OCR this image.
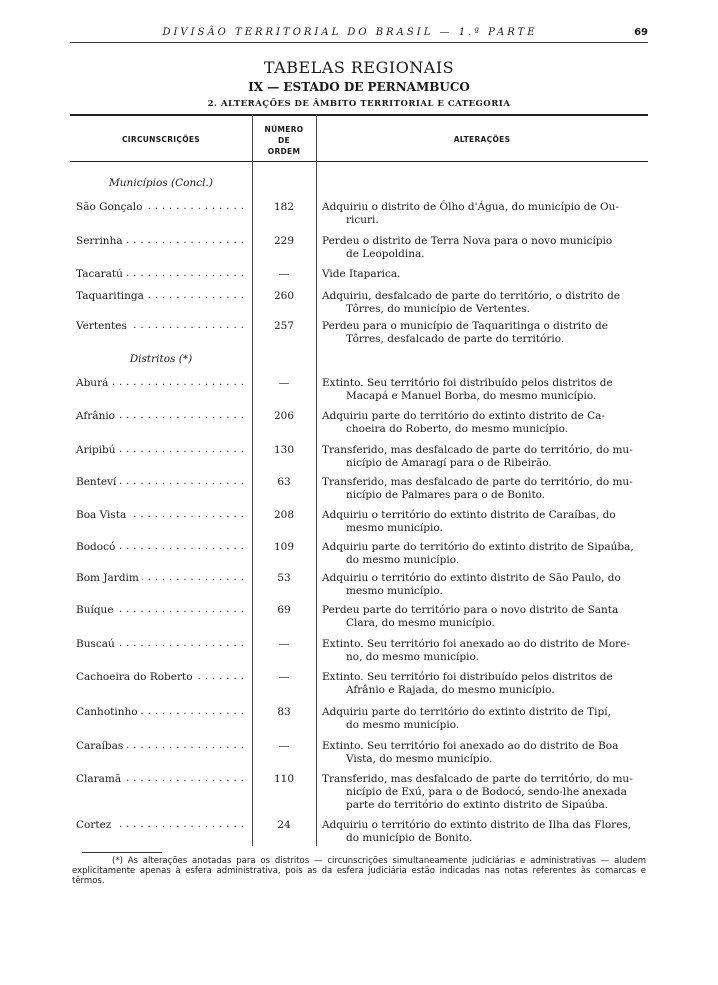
DIVISÃO TERRITORIAL DO BRASIL — 1.ª PARTE	69
TABELAS REGIONAIS
IX — ESTADO DE PERNAMBUCO
2. ALTERAÇÕES DE ÂMBITO TERRITORIAL E CATEGORIA
CIRCUNSCRIÇÕES
NÚMERO
DE
ORDEM
ALTERAÇÕES
Municípios (Concl.)
São Gonçalo . . .	182	Adquiriu o distrito de Ôlho d'Água, do município de Ou-
ricuri.
Serrinha . . .	229	Perdeu o distrito de Terra Nova para o novo município
de Leopoldina.
Tacaratú . . .	—	Vide Itaparica.
Taquaritinga . . .	260	Adquiriu, desfalcado de parte do território, o distrito de
Tôrres, do município de Vertentes.
Vertentes . . .	257	Perdeu para o município de Taquaritinga o distrito de
Tôrres, desfalcado de parte do território.
Distritos (*)
Aburá . . .	—	Extinto. Seu território foi distribuído pelos distritos de
Macapá e Manuel Borba, do mesmo município.
Afrânio . . .	206	Adquiriu parte do território do extinto distrito de Ca-
choeira do Roberto, do mesmo município.
Aripibú . . .	130	Transferido, mas desfalcado de parte do território, do mu-
nicípio de Amaragí para o de Ribeirão.
Benteví . . .	63	Transferido, mas desfalcado de parte do território, do mu-
nicípio de Palmares para o de Bonito.
Boa Vista . . .	208	Adquiriu o território do extinto distrito de Caraíbas, do
mesmo município.
Bodocó . . .	109	Adquiriu parte do território do extinto distrito de Sipaúba,
do mesmo município.
Bom Jardim . . .	53	Adquiriu o território do extinto distrito de São Paulo, do
mesmo município.
Buíque . . .	69	Perdeu parte do território para o novo distrito de Santa
Clara, do mesmo município.
Buscaú . . .	—	Extinto. Seu território foi anexado ao do distrito de More-
no, do mesmo município.
Cachoeira do Roberto . . .	—	Extinto. Seu território foi distribuído pelos distritos de
Afrânio e Rajada, do mesmo município.
Canhotinho . . .	83	Adquiriu parte do território do extinto distrito de Tipí,
do mesmo município.
Caraíbas . . .	—	Extinto. Seu território foi anexado ao do distrito de Boa
Vista, do mesmo município.
Claramã . . .	110	Transferido, mas desfalcado de parte do território, do mu-
nicípio de Exú, para o de Bodocó, sendo-lhe anexada
parte do território do extinto distrito de Sipaúba.
Cortez . . .	24	Adquiriu o território do extinto distrito de Ilha das Flores,
do município de Bonito.
(*) As alterações anotadas para os distritos — circunscrições simultaneamente judiciárias e administrativas — aludem explicitamente apenas à esfera administrativa, pois as da esfera judiciária estão indicadas nas notas referentes às comarcas e têrmos.
